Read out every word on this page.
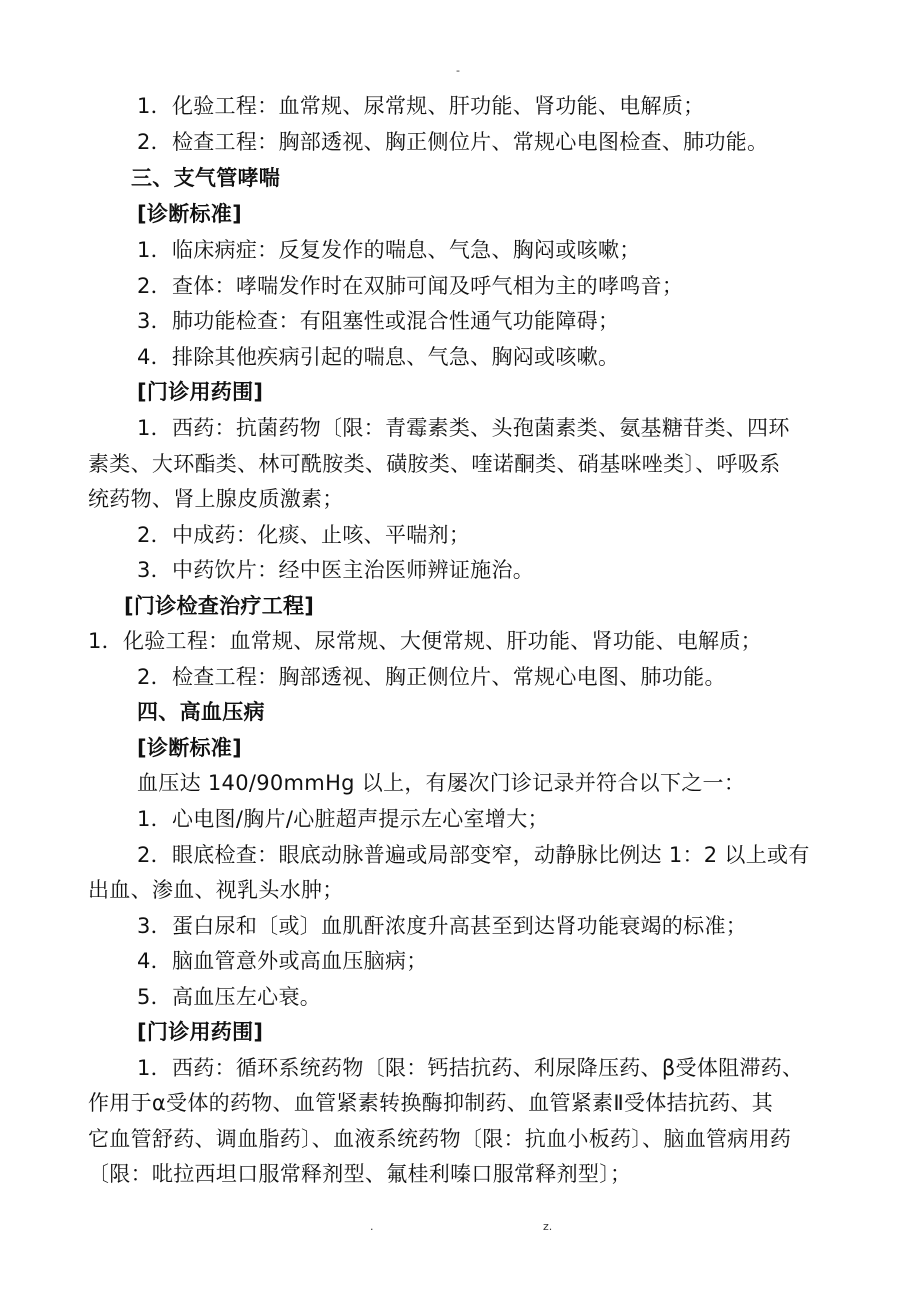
-
1．化验工程：血常规、尿常规、肝功能、肾功能、电解质；
2．检查工程：胸部透视、胸正侧位片、常规心电图检查、肺功能。
三、支气管哮喘
[诊断标准]
1．临床病症：反复发作的喘息、气急、胸闷或咳嗽；
2．查体：哮喘发作时在双肺可闻及呼气相为主的哮鸣音；
3．肺功能检查：有阻塞性或混合性通气功能障碍；
4．排除其他疾病引起的喘息、气急、胸闷或咳嗽。
[门诊用药围]
1．西药：抗菌药物〔限：青霉素类、头孢菌素类、氨基糖苷类、四环
素类、大环酯类、林可酰胺类、磺胺类、喹诺酮类、硝基咪唑类〕、呼吸系
统药物、肾上腺皮质激素；
2．中成药：化痰、止咳、平喘剂；
3．中药饮片：经中医主治医师辨证施治。
[门诊检查治疗工程]
1．化验工程：血常规、尿常规、大便常规、肝功能、肾功能、电解质；
2．检查工程：胸部透视、胸正侧位片、常规心电图、肺功能。
四、高血压病
[诊断标准]
血压达 140/90mmHg 以上，有屡次门诊记录并符合以下之一：
1．心电图/胸片/心脏超声提示左心室增大；
2．眼底检查：眼底动脉普遍或局部变窄，动静脉比例达 1：2 以上或有
出血、渗血、视乳头水肿；
3．蛋白尿和〔或〕血肌酐浓度升高甚至到达肾功能衰竭的标准；
4．脑血管意外或高血压脑病；
5．高血压左心衰。
[门诊用药围]
1．西药：循环系统药物〔限：钙拮抗药、利尿降压药、β受体阻滞药、
作用于α受体的药物、血管紧素转换酶抑制药、血管紧素Ⅱ受体拮抗药、其
它血管舒药、调血脂药〕、血液系统药物〔限：抗血小板药〕、脑血管病用药
〔限：吡拉西坦口服常释剂型、氟桂利嗪口服常释剂型〕；
.	z.
